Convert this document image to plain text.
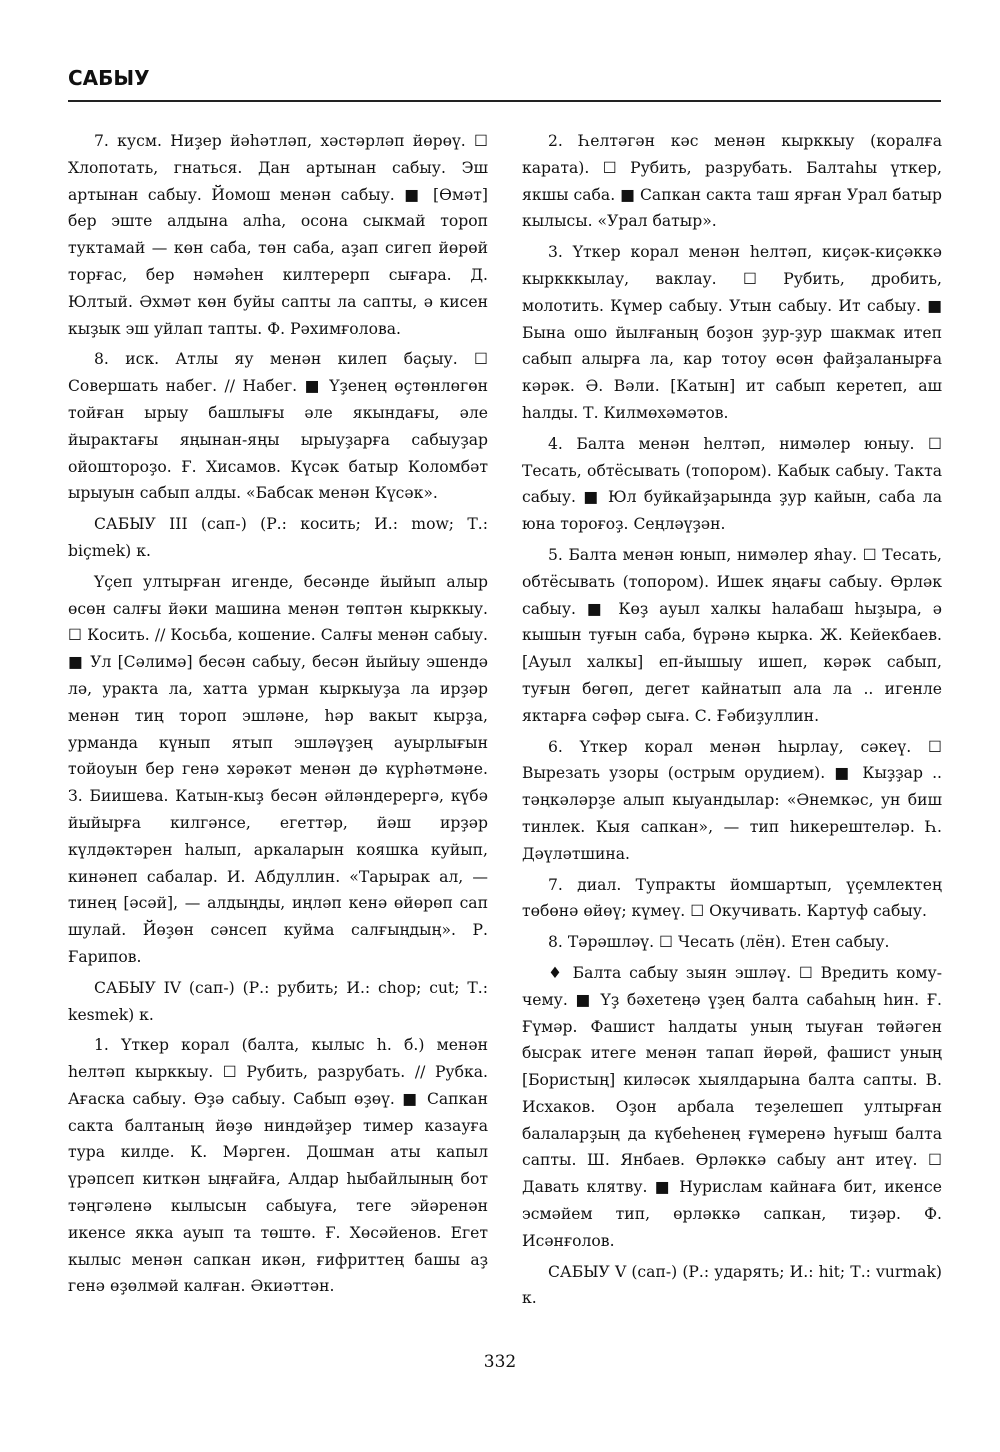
САБЫУ

7. кусм. Ниҙер йәһәтләп, хәстәрләп йөрөү. ☐ Хлопотать, гнаться. Дан артынан сабыу. Эш артынан сабыу. Йомош менән сабыу. ■ [Өмәт] бер эште алдына алһа, осона сыкмай тороп туктамай — көн саба, төн саба, аҙап сигеп йөрөй торғас, бер нәмәһен килтерерп сығара. Д. Юлтый. Әхмәт көн буйы сапты ла сапты, ә кисен кыҙык эш уйлап тапты. Ф. Рәхимғолова.

8. иск. Атлы яу менән килеп баҫыу. ☐ Совершать набег. // Набег. ■ Үҙенең өҫтөнлөгөн тойған ырыу башлығы әле якындағы, әле йырактағы яңынан-яңы ырыуҙарға сабыуҙар ойоштороҙо. Ғ. Хисамов. Күсәк батыр Коломбәт ырыуын сабып алды. «Бабсак менән Күсәк».

САБЫУ III (сап-) (Р.: косить; И.: mow; Т.: biçmek) к.

Үҫеп ултырған игенде, бесәнде йыйып алыр өсөн салғы йәки машина менән төптән кырккыу. ☐ Косить. // Косьба, кошение. Салғы менән сабыу. ■ Ул [Сәлимә] бесән сабыу, бесән йыйыу эшендә лә, уракта ла, хатта урман кыркыуҙа ла ирҙәр менән тиң тороп эшләне, һәр вакыт кырҙа, урманда күнып ятып эшләүҙең ауырлығын тойоуын бер генә хәрәкәт менән дә күрһәтмәне. З. Биишева. Катын-кыҙ бесән әйләндерергә, күбә йыйырға килгәнсе, егеттәр, йәш ирҙәр күлдәктәрен һалып, аркаларын кояшка куйып, кинәнеп сабалар. И. Абдуллин. «Тарырак ал, — тинең [әсәй], — алдыңды, иңләп кенә өйөрөп сап шулай. Йөҙөн сәнсеп куйма салғыңдың». Р. Ғарипов.

САБЫУ IV (сап-) (Р.: рубить; И.: chop; cut; Т.: kesmek) к.

1. Үткер корал (балта, кылыс һ. б.) менән һелтәп кырккыу. ☐ Рубить, разрубать. // Рубка. Ағаска сабыу. Өҙә сабыу. Сабып өҙөү. ■ Сапкан сакта балтаның йөҙө ниндәйҙер тимер казауға тура килде. К. Мәрген. Дошман аты капыл үрәпсеп киткән ыңғайға, Алдар һыбайлының бот тәңгәленә кылысын сабыуға, теге эйәренән икенсе якка ауып та төштө. Ғ. Хөсәйенов. Егет кылыс менән сапкан икән, ғифриттең башы аҙ генә өҙөлмәй калған. Әкиәттән.

2. Һелтәгән кәс менән кырккыу (коралға карата). ☐ Рубить, разрубать. Балтаһы үткер, якшы саба. ■ Сапкан сакта таш ярған Урал батыр кылысы. «Урал батыр».

3. Үткер корал менән һелтәп, киҫәк-киҫәккә кыркккылау, ваклау. ☐ Рубить, дробить, молотить. Күмер сабыу. Утын сабыу. Ит сабыу. ■ Бына ошо йылғаның боҙон ҙур-ҙур шакмак итеп сабып алырға ла, кар тотоу өсөн файҙаланырға кәрәк. Ә. Вәли. [Катын] ит сабып керетеп, аш һалды. Т. Килмөхәмәтов.

4. Балта менән һелтәп, нимәлер юныу. ☐ Тесать, обтёсывать (топором). Кабык сабыу. Такта сабыу. ■ Юл буйкайҙарында ҙур кайын, саба ла юна тороғоҙ. Сеңләүҙән.

5. Балта менән юнып, нимәлер яһау. ☐ Тесать, обтёсывать (топором). Ишек яңағы сабыу. Өрләк сабыу. ■ Көҙ ауыл халкы һалабаш һыҙыра, ә кышын туғын саба, бүрәнә кырка. Ж. Кейекбаев. [Ауыл халкы] еп-йышыу ишеп, кәрәк сабып, туғын бөгөп, дегет кайнатып ала ла .. игенле яктарға сәфәр сыға. С. Ғәбиҙуллин.

6. Үткер корал менән һырлау, сәкеү. ☐ Вырезать узоры (острым орудием). ■ Кыҙҙар .. тәңкәләрҙе алып кыуандылар: «Әнемкәс, ун биш тинлек. Кыя сапкан», — тип һикерештеләр. Һ. Дәүләтшина.

7. диал. Тупракты йомшартып, үҫемлектең төбөнә өйөү; күмеү. ☐ Окучивать. Картуф сабыу.

8. Тәрәшләү. ☐ Чесать (лён). Етен сабыу.

♦ Балта сабыу зыян эшләү. ☐ Вредить кому-чему. ■ Үҙ бәхетеңә үҙең балта сабаһың һин. Ғ. Ғүмәр. Фашист һалдаты уның тыуған төйәген бысрак итеге менән тапап йөрөй, фашист уның [Бористың] киләсәк хыялдарына балта сапты. В. Исхаков. Оҙон арбала теҙелешеп ултырған балаларҙың да күбеһенең ғүмеренә һуғыш балта сапты. Ш. Янбаев. Өрләккә сабыу ант итеү. ☐ Давать клятву. ■ Нурислам кайнаға бит, икенсе эсмәйем тип, өрләккә сапкан, тиҙәр. Ф. Исәнғолов.

САБЫУ V (сап-) (Р.: ударять; И.: hit; Т.: vurmak) к.

332
